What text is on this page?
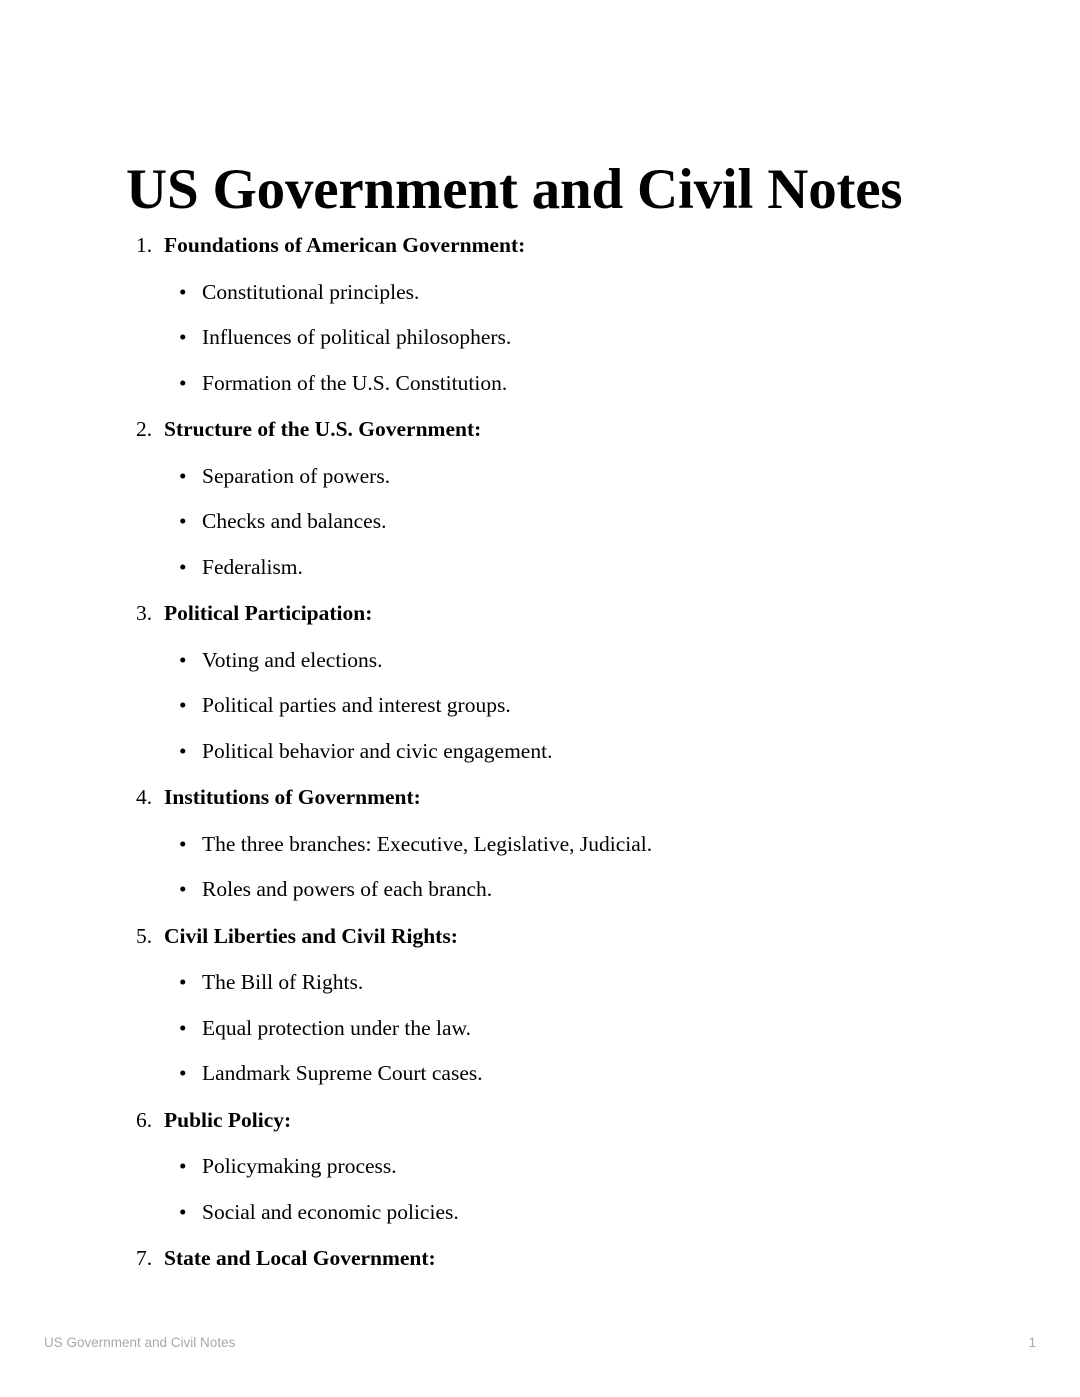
US Government and Civil Notes
1. Foundations of American Government:
• Constitutional principles.
• Influences of political philosophers.
• Formation of the U.S. Constitution.
2. Structure of the U.S. Government:
• Separation of powers.
• Checks and balances.
• Federalism.
3. Political Participation:
• Voting and elections.
• Political parties and interest groups.
• Political behavior and civic engagement.
4. Institutions of Government:
• The three branches: Executive, Legislative, Judicial.
• Roles and powers of each branch.
5. Civil Liberties and Civil Rights:
• The Bill of Rights.
• Equal protection under the law.
• Landmark Supreme Court cases.
6. Public Policy:
• Policymaking process.
• Social and economic policies.
7. State and Local Government:
US Government and Civil Notes	1
